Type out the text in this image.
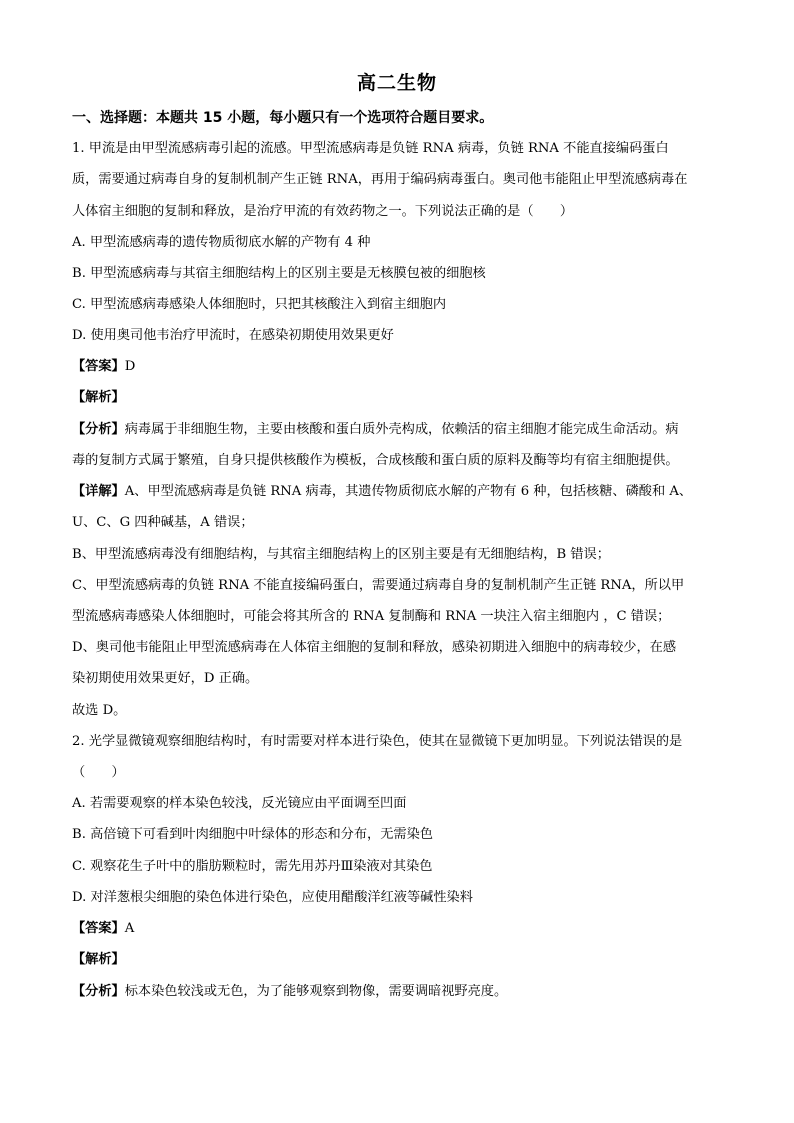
高二生物
一、选择题：本题共 15 小题，每小题只有一个选项符合题目要求。
1. 甲流是由甲型流感病毒引起的流感。甲型流感病毒是负链 RNA 病毒，负链 RNA 不能直接编码蛋白
质，需要通过病毒自身的复制机制产生正链 RNA，再用于编码病毒蛋白。奥司他韦能阻止甲型流感病毒在
人体宿主细胞的复制和释放，是治疗甲流的有效药物之一。下列说法正确的是（　　）
A. 甲型流感病毒的遗传物质彻底水解的产物有 4 种
B. 甲型流感病毒与其宿主细胞结构上的区别主要是无核膜包被的细胞核
C. 甲型流感病毒感染人体细胞时，只把其核酸注入到宿主细胞内
D. 使用奥司他韦治疗甲流时，在感染初期使用效果更好
【答案】D
【解析】
【分析】病毒属于非细胞生物，主要由核酸和蛋白质外壳构成，依赖活的宿主细胞才能完成生命活动。病
毒的复制方式属于繁殖，自身只提供核酸作为模板，合成核酸和蛋白质的原料及酶等均有宿主细胞提供。
【详解】A、甲型流感病毒是负链 RNA 病毒，其遗传物质彻底水解的产物有 6 种，包括核糖、磷酸和 A、
U、C、G 四种碱基，A 错误；
B、甲型流感病毒没有细胞结构，与其宿主细胞结构上的区别主要是有无细胞结构，B 错误；
C、甲型流感病毒的负链 RNA 不能直接编码蛋白，需要通过病毒自身的复制机制产生正链 RNA，所以甲
型流感病毒感染人体细胞时，可能会将其所含的 RNA 复制酶和 RNA 一块注入宿主细胞内 ，C 错误；
D、奥司他韦能阻止甲型流感病毒在人体宿主细胞的复制和释放，感染初期进入细胞中的病毒较少，在感
染初期使用效果更好，D 正确。
故选 D。
2. 光学显微镜观察细胞结构时，有时需要对样本进行染色，使其在显微镜下更加明显。下列说法错误的是
（　　）
A. 若需要观察的样本染色较浅，反光镜应由平面调至凹面
B. 高倍镜下可看到叶肉细胞中叶绿体的形态和分布，无需染色
C. 观察花生子叶中的脂肪颗粒时，需先用苏丹Ⅲ染液对其染色
D. 对洋葱根尖细胞的染色体进行染色，应使用醋酸洋红液等碱性染料
【答案】A
【解析】
【分析】标本染色较浅或无色，为了能够观察到物像，需要调暗视野亮度。
